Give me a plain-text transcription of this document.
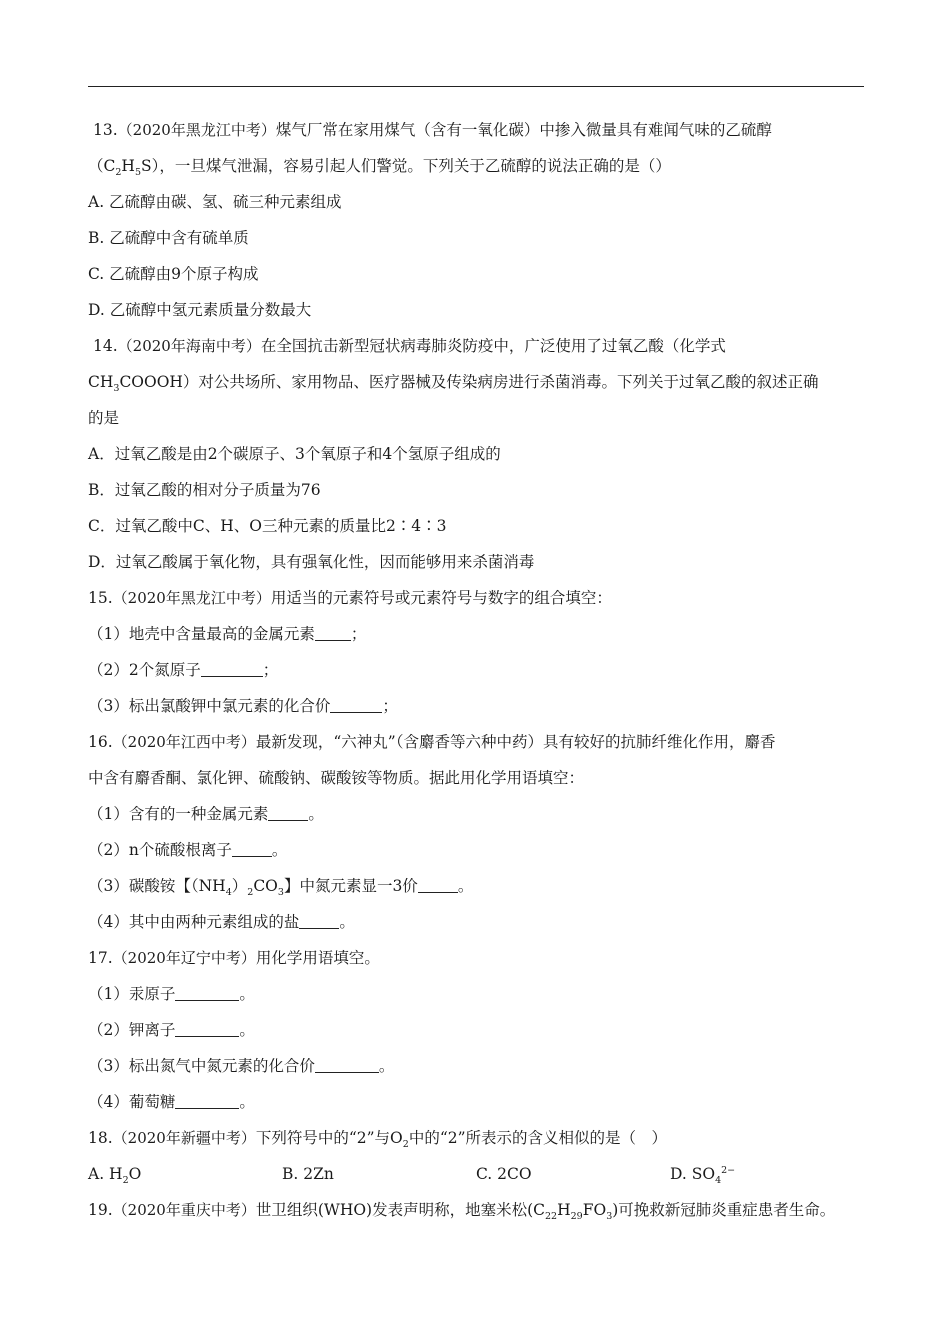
13.（2020年黑龙江中考）煤气厂常在家用煤气（含有一氧化碳）中掺入微量具有难闻气味的乙硫醇
$(C_2H_5S)$，一旦煤气泄漏，容易引起人们警觉。下列关于乙硫醇的说法正确的是（）
A. 乙硫醇由碳、氢、硫三种元素组成
B. 乙硫醇中含有硫单质
C. 乙硫醇由9个原子构成
D. 乙硫醇中氢元素质量分数最大
14.（2020年海南中考）在全国抗击新型冠状病毒肺炎防疫中，广泛使用了过氧乙酸（化学式
$CH_3COOOH$）对公共场所、家用物品、医疗器械及传染病房进行杀菌消毒。下列关于过氧乙酸的叙述正确
的是
A．过氧乙酸是由2个碳原子、3个氧原子和4个氢原子组成的
B．过氧乙酸的相对分子质量为76
C．过氧乙酸中C、H、O三种元素的质量比2∶4∶3
D．过氧乙酸属于氧化物，具有强氧化性，因而能够用来杀菌消毒
15.（2020年黑龙江中考）用适当的元素符号或元素符号与数字的组合填空：
（1）地壳中含量最高的金属元素 ；
（2）2个氮原子	；
（3）标出氯酸钾中氯元素的化合价	；
16.（2020年江西中考）最新发现，“六神丸”（含麝香等六种中药）具有较好的抗肺纤维化作用，麝香
中含有麝香酮、氯化钾、硫酸钠、碳酸铵等物质。据此用化学用语填空：
（1）含有的一种金属元素	。
（2）n个硫酸根离子	。
（3）碳酸铵【$(NH_4)_2CO_3$】中氮元素显一3价	。
（4）其中由两种元素组成的盐	。
17.（2020年辽宁中考）用化学用语填空。
（1）汞原子	。
（2）钾离子	。
（3）标出氮气中氮元素的化合价	。
（4）葡萄糖	。
18.（2020年新疆中考）下列符号中的“2”与$O_2$中的“2”所表示的含义相似的是（　）
A. $H_2O$	B. 2Zn	C. 2CO	D. $SO_4^{2-}$
19.（2020年重庆中考）世卫组织(WHO)发表声明称，地塞米松$(C_{22}H_{29}FO_3)$可挽救新冠肺炎重症患者生命。
